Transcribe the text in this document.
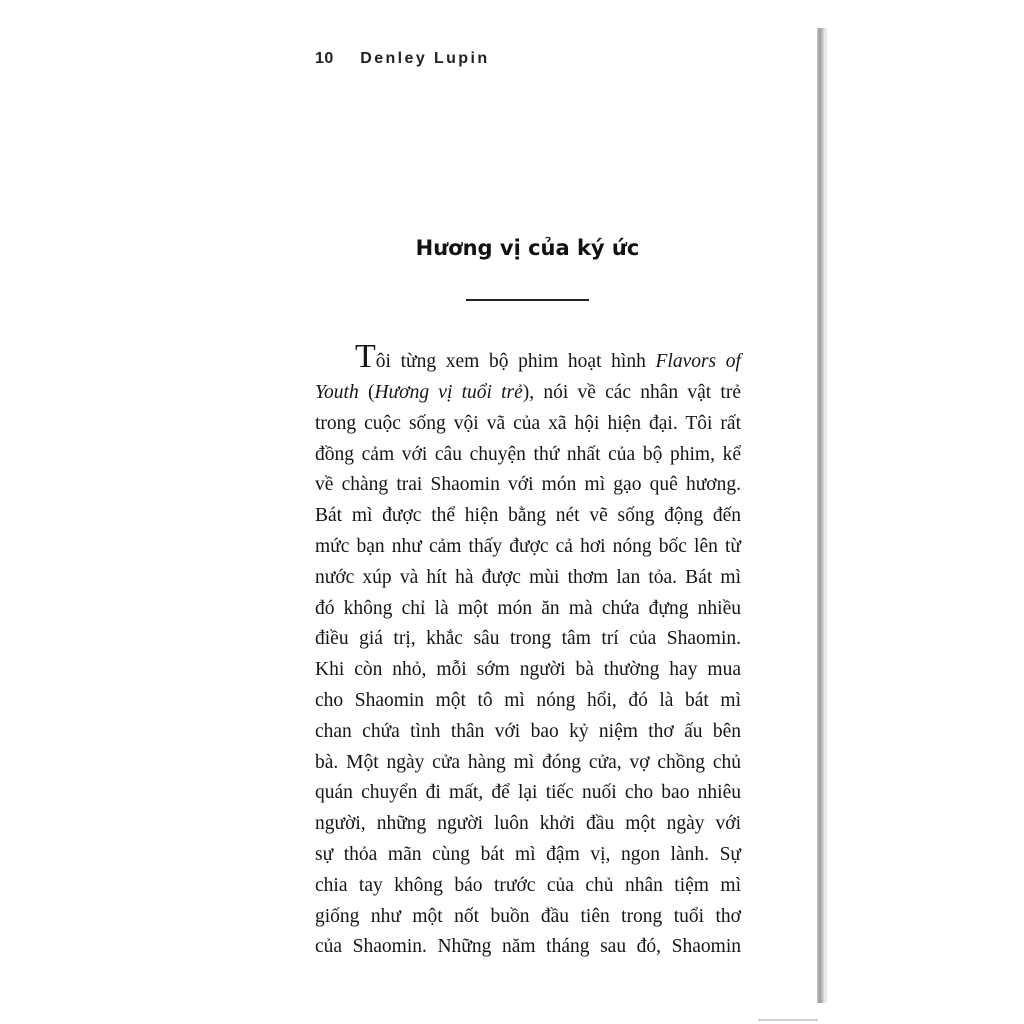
10 Denley Lupin
Hương vị của ký ức
Tôi từng xem bộ phim hoạt hình Flavors of
Youth (Hương vị tuổi trẻ), nói về các nhân vật trẻ
trong cuộc sống vội vã của xã hội hiện đại. Tôi rất
đồng cảm với câu chuyện thứ nhất của bộ phim, kể
về chàng trai Shaomin với món mì gạo quê hương.
Bát mì được thể hiện bằng nét vẽ sống động đến
mức bạn như cảm thấy được cả hơi nóng bốc lên từ
nước xúp và hít hà được mùi thơm lan tỏa. Bát mì
đó không chỉ là một món ăn mà chứa đựng nhiều
điều giá trị, khắc sâu trong tâm trí của Shaomin.
Khi còn nhỏ, mỗi sớm người bà thường hay mua
cho Shaomin một tô mì nóng hổi, đó là bát mì
chan chứa tình thân với bao kỷ niệm thơ ấu bên
bà. Một ngày cửa hàng mì đóng cửa, vợ chồng chủ
quán chuyển đi mất, để lại tiếc nuối cho bao nhiêu
người, những người luôn khởi đầu một ngày với
sự thỏa mãn cùng bát mì đậm vị, ngon lành. Sự
chia tay không báo trước của chủ nhân tiệm mì
giống như một nốt buồn đầu tiên trong tuổi thơ
của Shaomin. Những năm tháng sau đó, Shaomin
